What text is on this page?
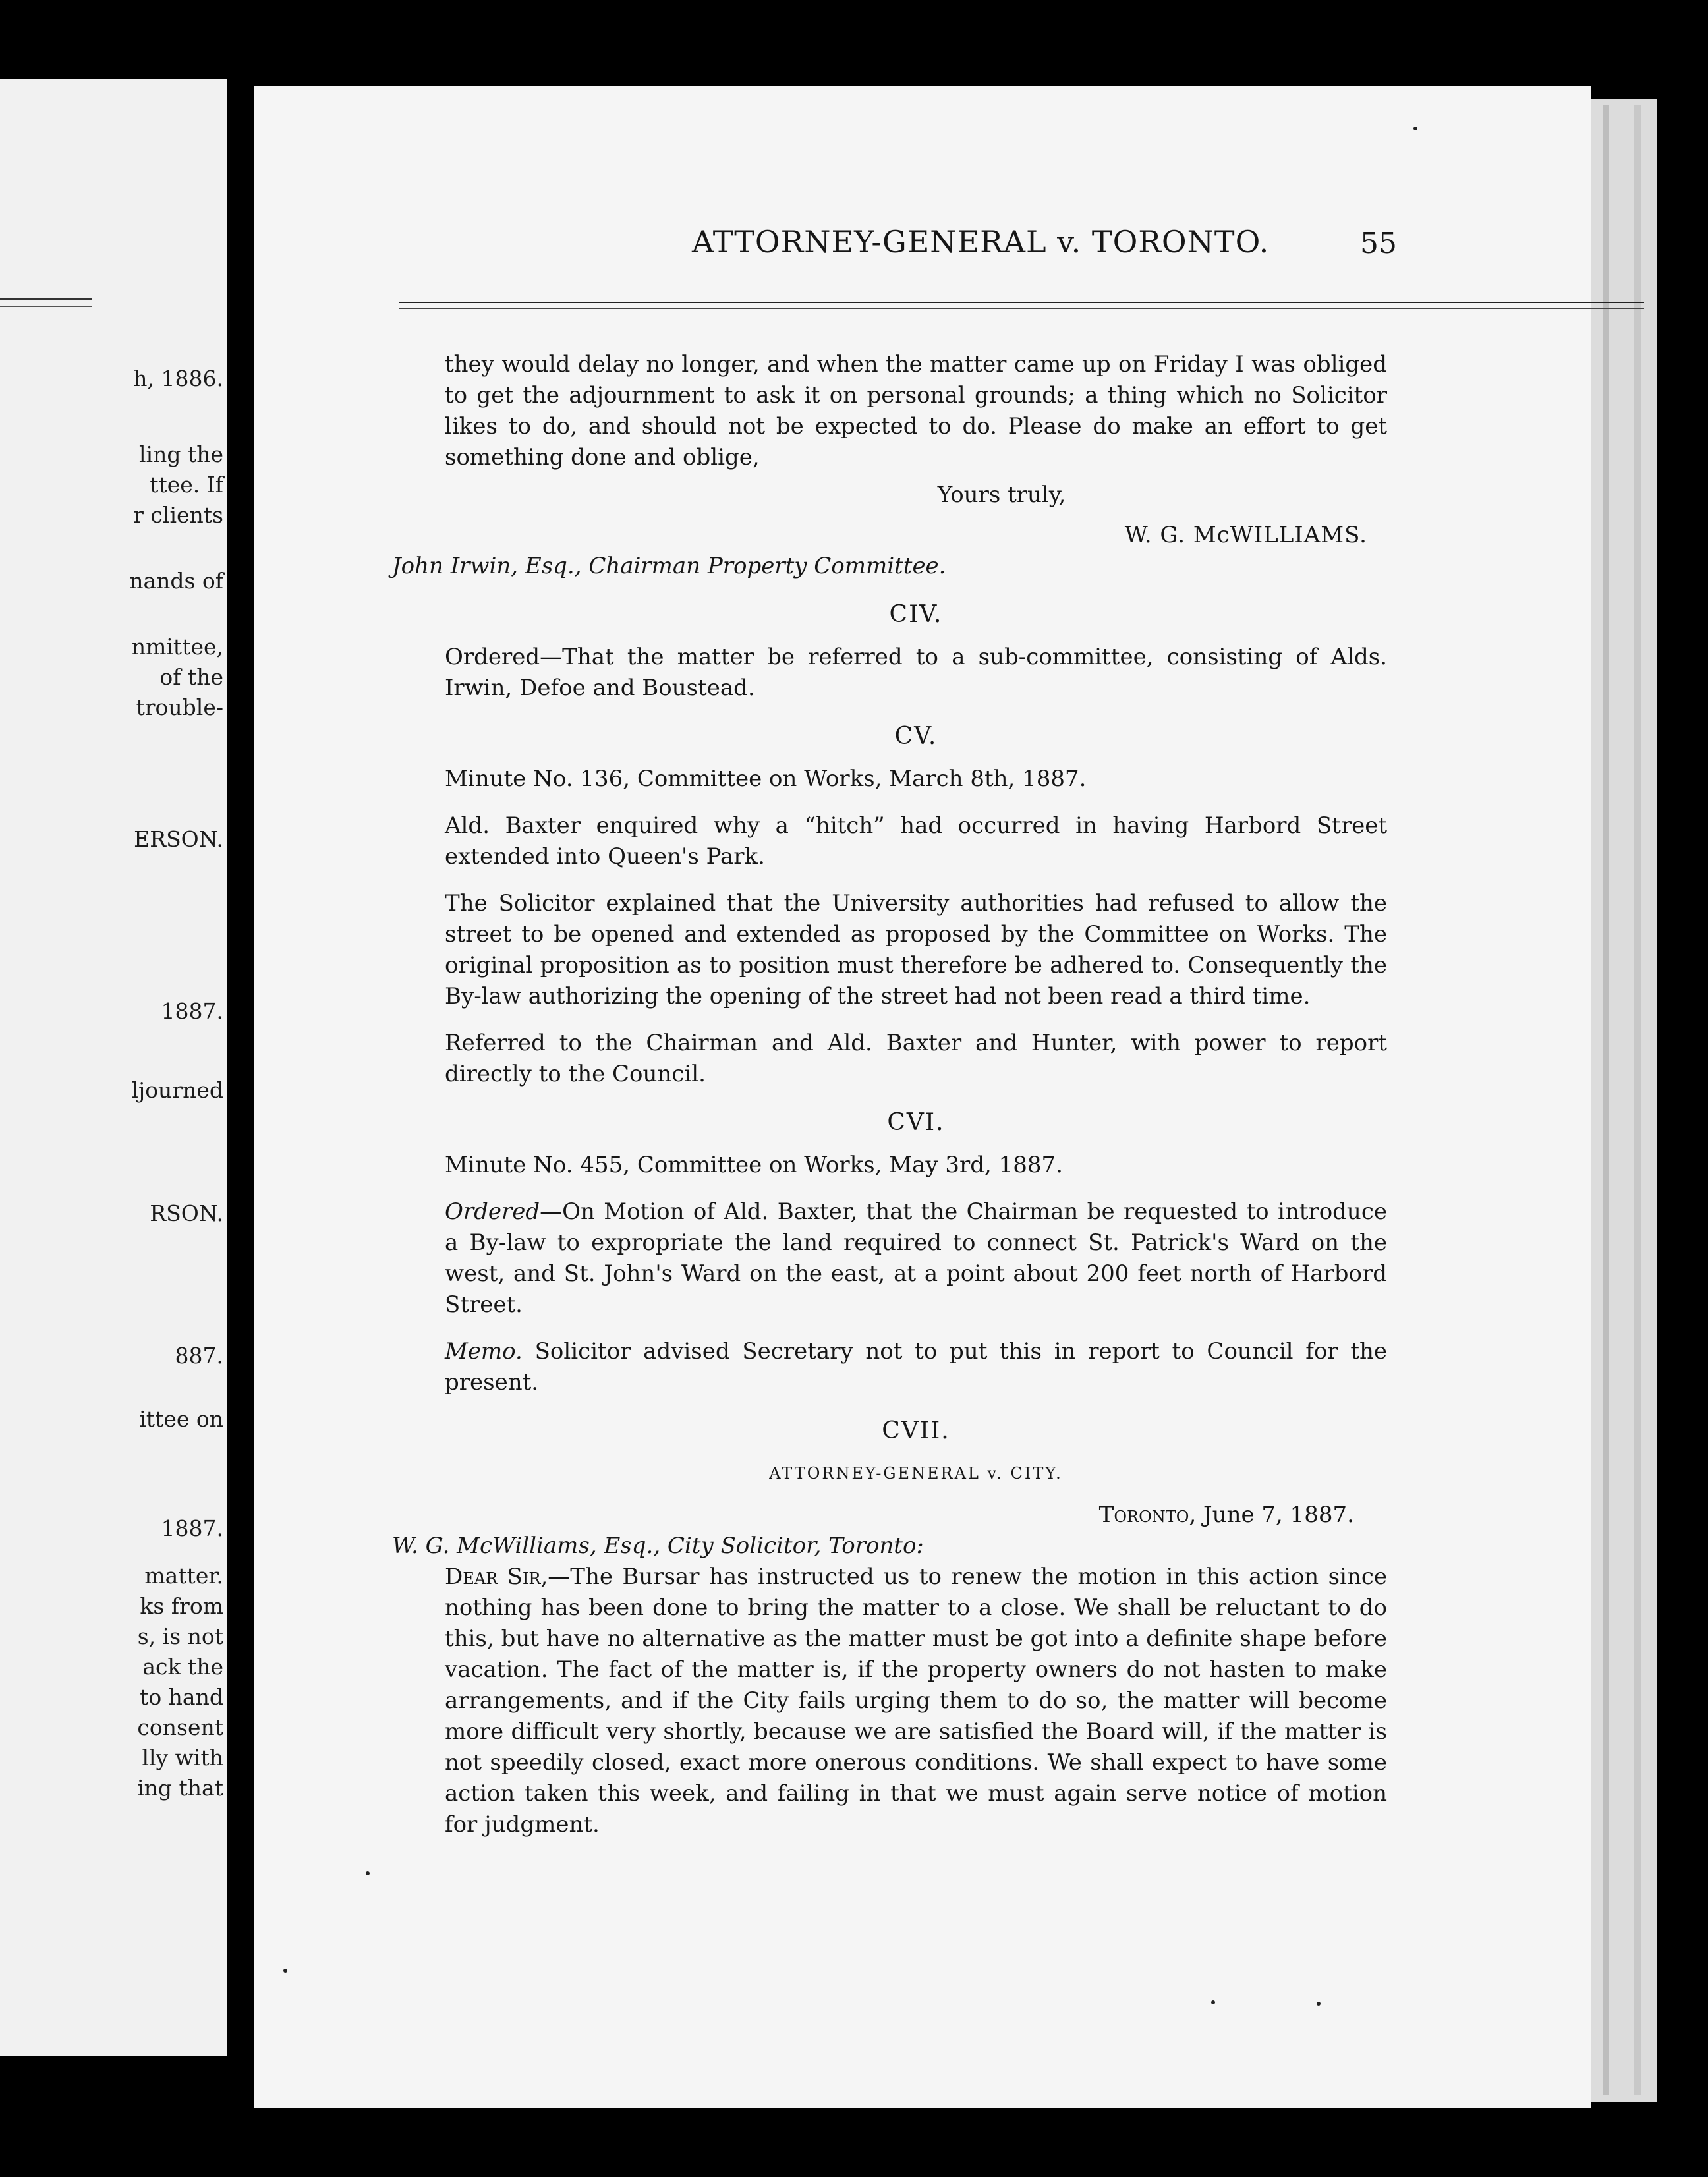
h, 1886.
ling the
ttee. If
r clients
nands of
nmittee,
of the
trouble-
ERSON.
1887.
ljourned
RSON.
887.
ittee on
1887.
matter.
ks from
s, is not
ack the
to hand
consent
lly with
ing that
ATTORNEY-GENERAL v. TORONTO.	55

they would delay no longer, and when the matter came up on Friday I was obliged to get the adjournment to ask it on personal grounds; a thing which no Solicitor likes to do, and should not be expected to do. Please do make an effort to get something done and oblige,

Yours truly,

W. G. McWILLIAMS.

John Irwin, Esq., Chairman Property Committee.

CIV.

Ordered—That the matter be referred to a sub-committee, consisting of Alds. Irwin, Defoe and Boustead.

CV.

Minute No. 136, Committee on Works, March 8th, 1887.

Ald. Baxter enquired why a “hitch” had occurred in having Harbord Street extended into Queen's Park.

The Solicitor explained that the University authorities had refused to allow the street to be opened and extended as proposed by the Committee on Works. The original proposition as to position must therefore be adhered to. Consequently the By-law authorizing the opening of the street had not been read a third time.

Referred to the Chairman and Ald. Baxter and Hunter, with power to report directly to the Council.

CVI.

Minute No. 455, Committee on Works, May 3rd, 1887.

Ordered—On Motion of Ald. Baxter, that the Chairman be requested to introduce a By-law to expropriate the land required to connect St. Patrick's Ward on the west, and St. John's Ward on the east, at a point about 200 feet north of Harbord Street.

Memo. Solicitor advised Secretary not to put this in report to Council for the present.

CVII.

ATTORNEY-GENERAL v. CITY.

Toronto, June 7, 1887.

W. G. McWilliams, Esq., City Solicitor, Toronto:

Dear Sir,—The Bursar has instructed us to renew the motion in this action since nothing has been done to bring the matter to a close. We shall be reluctant to do this, but have no alternative as the matter must be got into a definite shape before vacation. The fact of the matter is, if the property owners do not hasten to make arrangements, and if the City fails urging them to do so, the matter will become more difficult very shortly, because we are satisfied the Board will, if the matter is not speedily closed, exact more onerous conditions. We shall expect to have some action taken this week, and failing in that we must again serve notice of motion for judgment.
